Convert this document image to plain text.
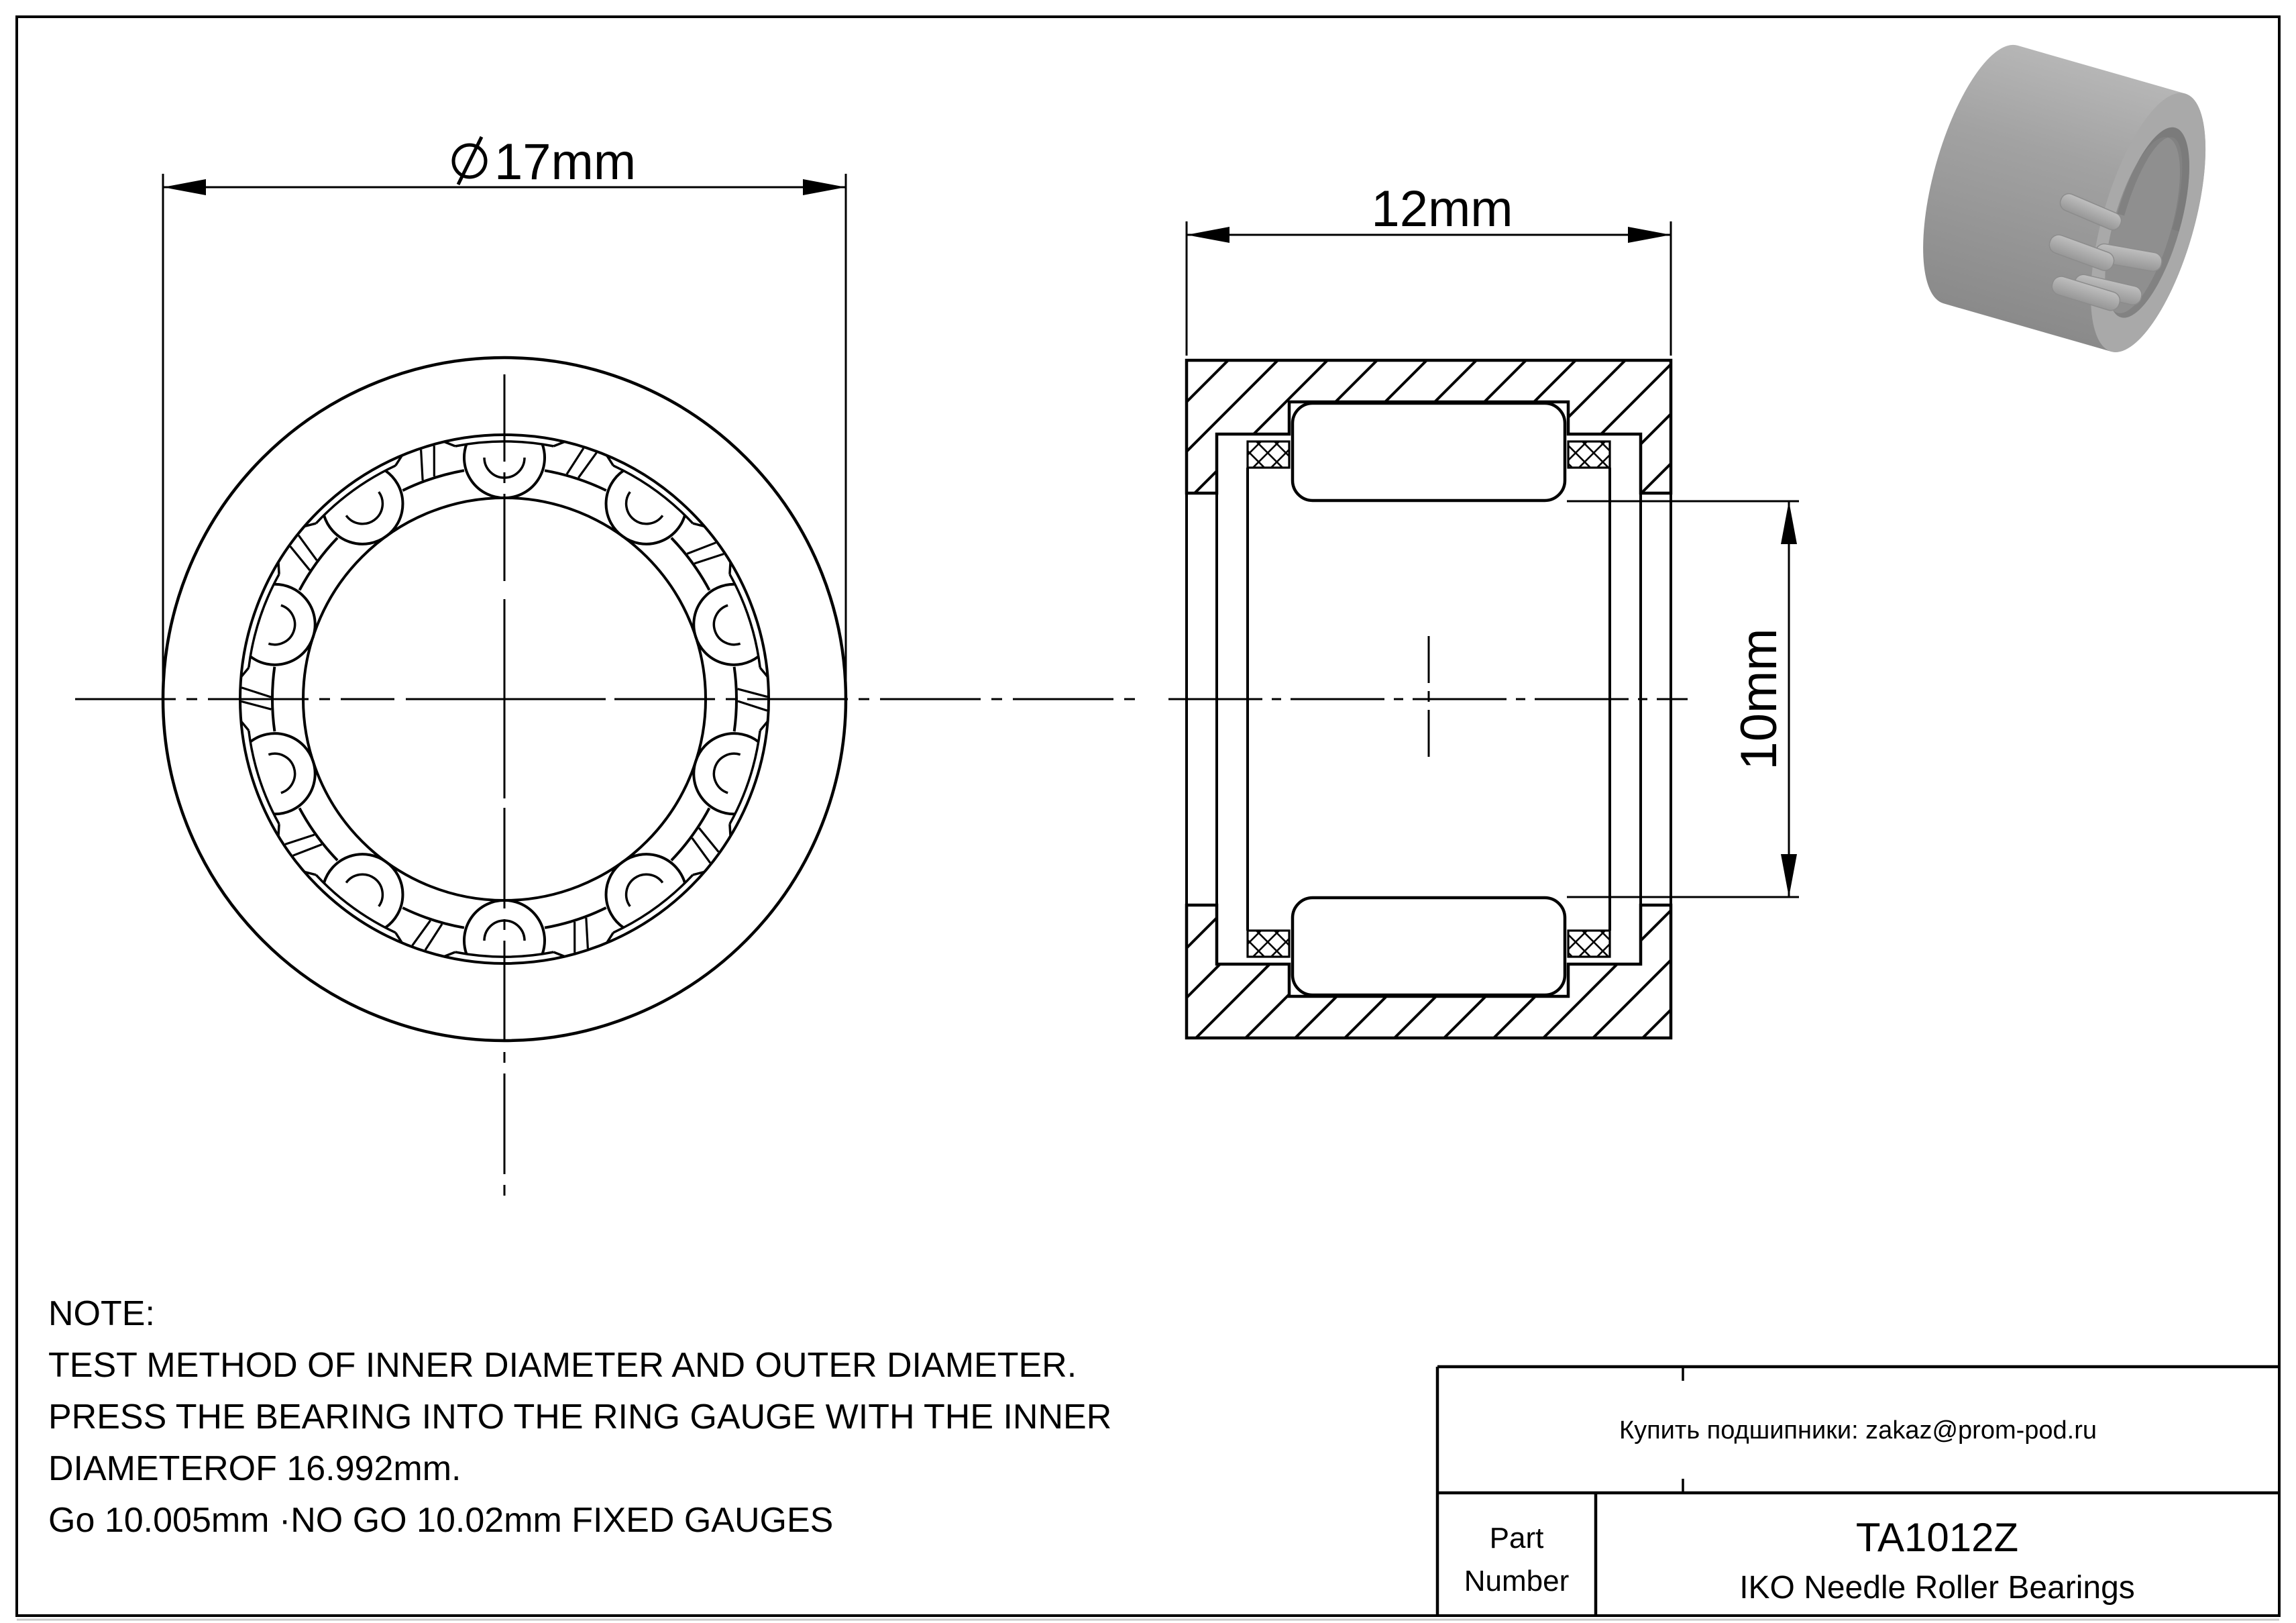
17mm
12mm
10mm
NOTE:
TEST METHOD OF INNER DIAMETER AND OUTER DIAMETER.
PRESS THE BEARING INTO THE RING GAUGE WITH THE INNER
DIAMETEROF 16.992mm.
Go 10.005mm ·NO GO 10.02mm FIXED GAUGES
Купить подшипники: zakaz@prom-pod.ru
Part
Number
TA1012Z
IKO Needle Roller Bearings
